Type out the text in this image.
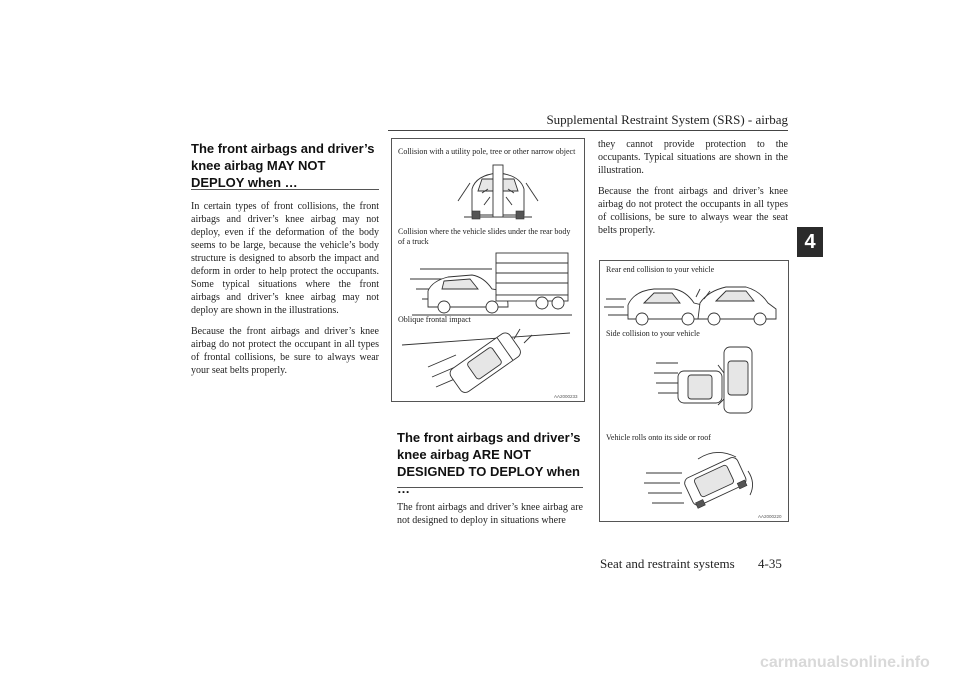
Supplemental Restraint System (SRS) - airbag
4
The front airbags and driver’s knee airbag MAY NOT DEPLOY when …

In certain types of front collisions, the front airbags and driver’s knee airbag may not deploy, even if the deformation of the body seems to be large, because the vehicle’s body structure is designed to absorb the impact and deform in order to help protect the occupants. Some typical situations where the front airbags and driver’s knee airbag may not deploy are shown in the illustrations.

Because the front airbags and driver’s knee airbag do not protect the occupant in all types of frontal collisions, be sure to always wear your seat belts properly.

Collision with a utility pole, tree or other narrow object
Collision where the vehicle slides under the rear body of a truck
Oblique frontal impact
AA2000233
The front airbags and driver’s knee airbag ARE NOT DESIGNED TO DEPLOY when …

The front airbags and driver’s knee airbag are not designed to deploy in situations where

they cannot provide protection to the occupants. Typical situations are shown in the illustration.

Because the front airbags and driver’s knee airbag do not protect the occupants in all types of collisions, be sure to always wear the seat belts properly.

Rear end collision to your vehicle
Side collision to your vehicle
Vehicle rolls onto its side or roof
AA2000220
Seat and restraint systems 4-35
carmanualsonline.info
